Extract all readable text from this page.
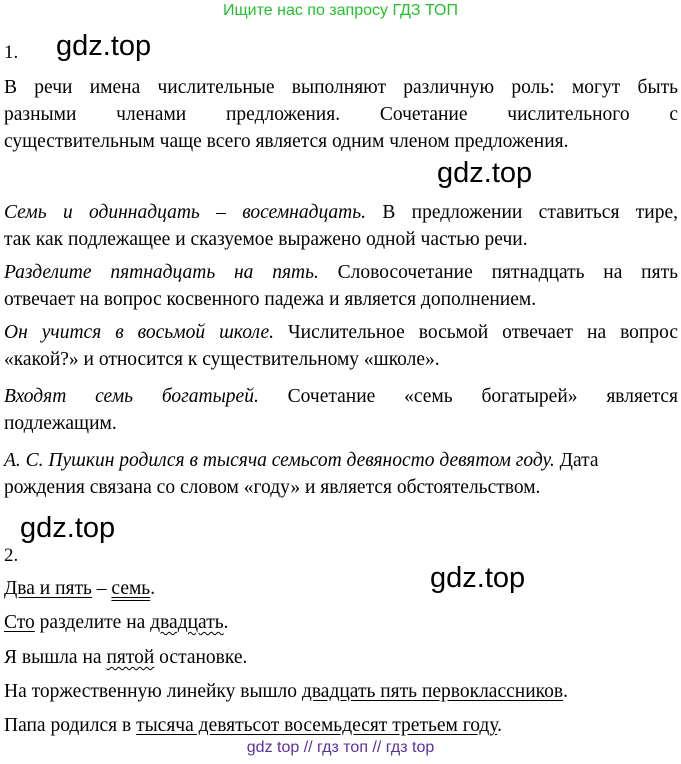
Ищите нас по запросу ГДЗ ТОП
1. gdz.top
В речи имена числительные выполняют различную роль: могут быть
разными членами предложения. Сочетание числительного с
существительным чаще всего является одним членом предложения.
gdz.top
Семь и одиннадцать – восемнадцать. В предложении ставиться тире,
так как подлежащее и сказуемое выражено одной частью речи.
Разделите пятнадцать на пять. Словосочетание пятнадцать на пять
отвечает на вопрос косвенного падежа и является дополнением.
Он учится в восьмой школе. Числительное восьмой отвечает на вопрос
«какой?» и относится к существительному «школе».
Входят семь богатырей. Сочетание «семь богатырей» является
подлежащим.
А. С. Пушкин родился в тысяча семьсот девяносто девятом году. Дата
рождения связана со словом «году» и является обстоятельством.
gdz.top
2.
gdz.top
Два и пять – семь.
Сто разделите на двадцать.
Я вышла на пятой остановке.
На торжественную линейку вышло двадцать пять первоклассников.
Папа родился в тысяча девятьсот восемьдесят третьем году.
gdz top // гдз топ // гдз top
